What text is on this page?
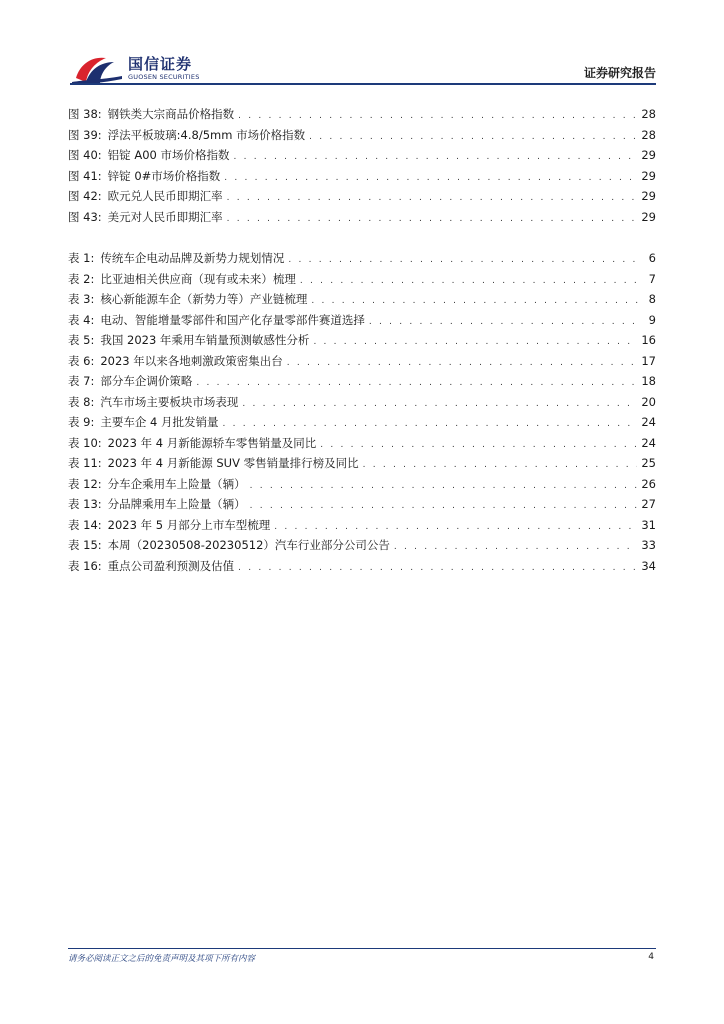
国信证券
GUOSEN SECURITIES	证券研究报告
图 38: 钢铁类大宗商品价格指数 . . .	28
图 39: 浮法平板玻璃:4.8/5mm 市场价格指数 . . .	28
图 40: 铝锭 A00 市场价格指数 . . .	29
图 41: 锌锭 0#市场价格指数 . . .	29
图 42: 欧元兑人民币即期汇率 . . .	29
图 43: 美元对人民币即期汇率 . . .	29
表 1: 传统车企电动品牌及新势力规划情况 . . .	6
表 2: 比亚迪相关供应商（现有或未来）梳理 . . .	7
表 3: 核心新能源车企（新势力等）产业链梳理 . . .	8
表 4: 电动、智能增量零部件和国产化存量零部件赛道选择 . . .	9
表 5: 我国 2023 年乘用车销量预测敏感性分析 . . .	16
表 6: 2023 年以来各地刺激政策密集出台 . . .	17
表 7: 部分车企调价策略 . . .	18
表 8: 汽车市场主要板块市场表现 . . .	20
表 9: 主要车企 4 月批发销量 . . .	24
表 10: 2023 年 4 月新能源轿车零售销量及同比 . . .	24
表 11: 2023 年 4 月新能源 SUV 零售销量排行榜及同比 . . .	25
表 12: 分车企乘用车上险量（辆） . . .	26
表 13: 分品牌乘用车上险量（辆） . . .	27
表 14: 2023 年 5 月部分上市车型梳理 . . .	31
表 15: 本周（20230508-20230512）汽车行业部分公司公告 . . .	33
表 16: 重点公司盈利预测及估值 . . .	34
请务必阅读正文之后的免责声明及其项下所有内容	4
